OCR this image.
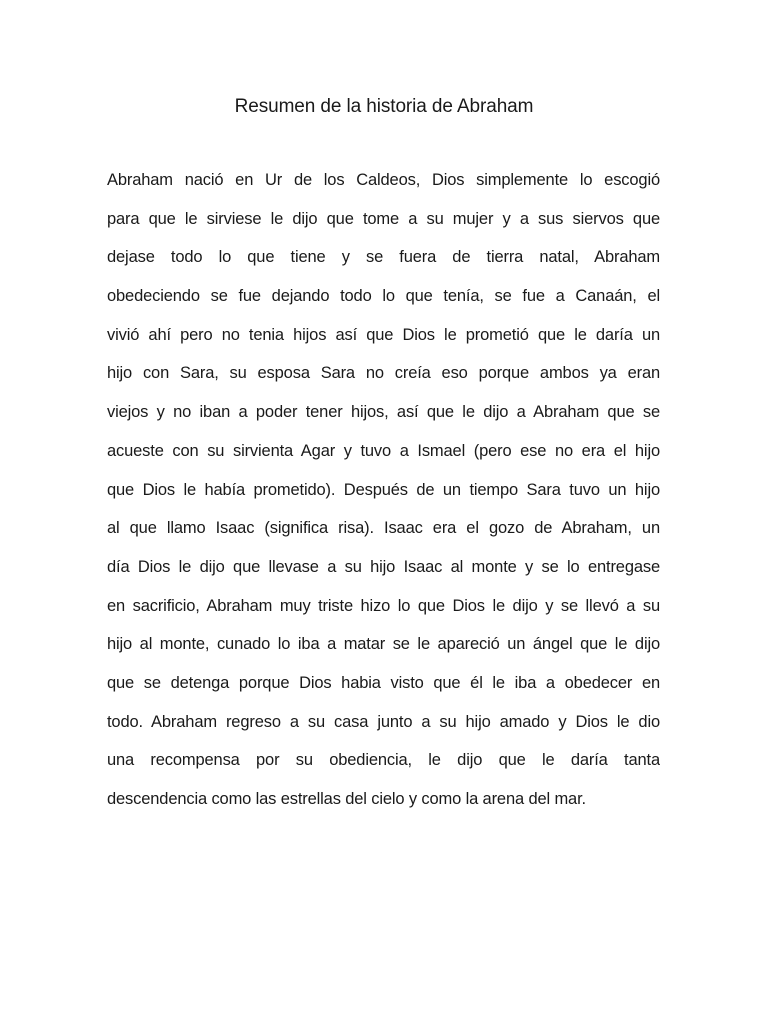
Resumen de la historia de Abraham
Abraham nació en Ur de los Caldeos, Dios simplemente lo escogió
para que le sirviese le dijo que tome a su mujer y a sus siervos que
dejase todo lo que tiene y se fuera de tierra natal, Abraham
obedeciendo se fue dejando todo lo que tenía, se fue a Canaán, el
vivió ahí pero no tenia hijos así que Dios le prometió que le daría un
hijo con Sara, su esposa Sara no creía eso porque ambos ya eran
viejos y no iban a poder tener hijos, así que le dijo a Abraham que se
acueste con su sirvienta Agar y tuvo a Ismael (pero ese no era el hijo
que Dios le había prometido). Después de un tiempo Sara tuvo un hijo
al que llamo Isaac (significa risa). Isaac era el gozo de Abraham, un
día Dios le dijo que llevase a su hijo Isaac al monte y se lo entregase
en sacrificio, Abraham muy triste hizo lo que Dios le dijo y se llevó a su
hijo al monte, cunado lo iba a matar se le apareció un ángel que le dijo
que se detenga porque Dios habia visto que él le iba a obedecer en
todo. Abraham regreso a su casa junto a su hijo amado y Dios le dio
una recompensa por su obediencia, le dijo que le daría tanta
descendencia como las estrellas del cielo y como la arena del mar.
